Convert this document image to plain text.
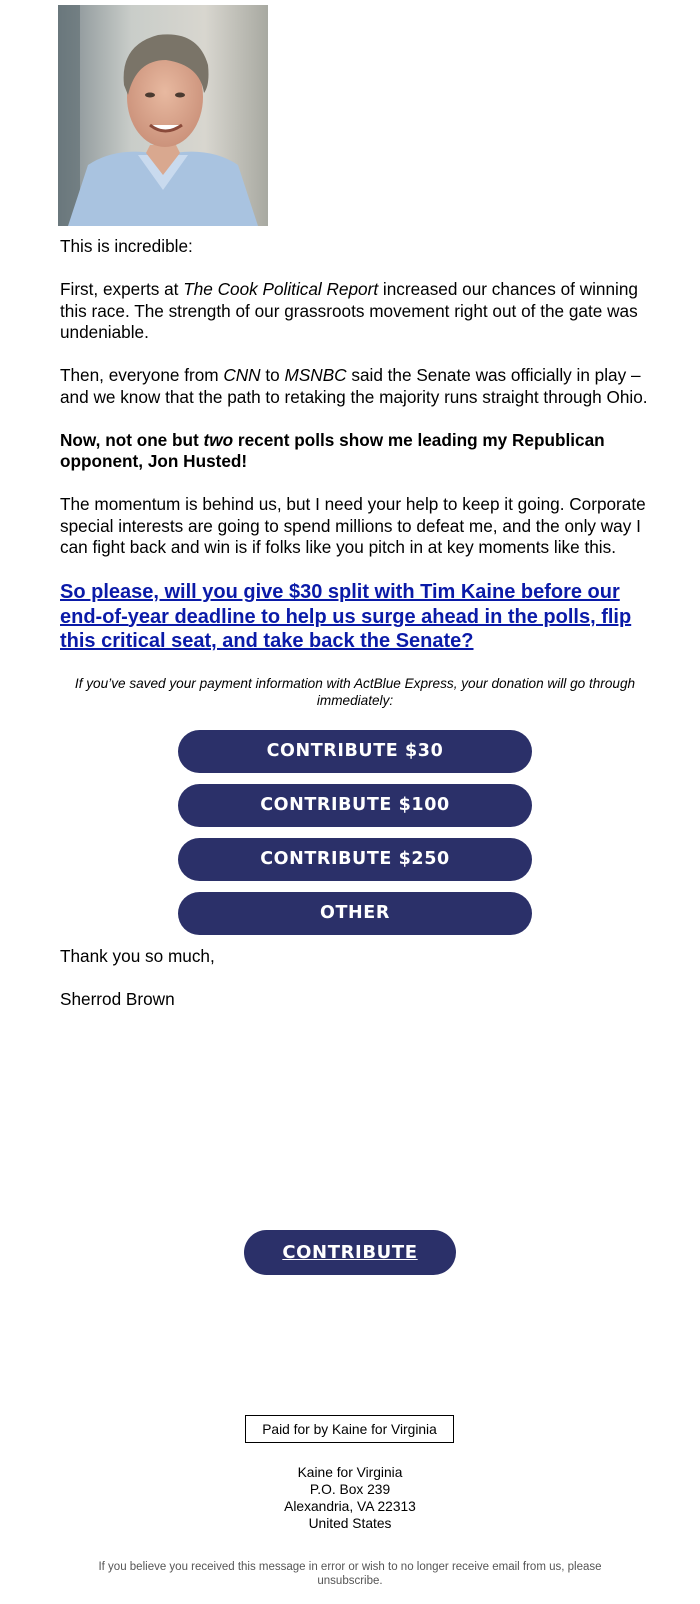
This is incredible:

First, experts at The Cook Political Report increased our chances of winning this race. The strength of our grassroots movement right out of the gate was undeniable.

Then, everyone from CNN to MSNBC said the Senate was officially in play – and we know that the path to retaking the majority runs straight through Ohio.

Now, not one but two recent polls show me leading my Republican opponent, Jon Husted!

The momentum is behind us, but I need your help to keep it going. Corporate special interests are going to spend millions to defeat me, and the only way I can fight back and win is if folks like you pitch in at key moments like this.

So please, will you give $30 split with Tim Kaine before our end-of-year deadline to help us surge ahead in the polls, flip this critical seat, and take back the Senate?

If you’ve saved your payment information with ActBlue Express, your donation will go through immediately:

CONTRIBUTE $30
CONTRIBUTE $100
CONTRIBUTE $250
OTHER

Thank you so much,

Sherrod Brown

CONTRIBUTE
Paid for by Kaine for Virginia
Kaine for Virginia
P.O. Box 239
Alexandria, VA 22313
United States
If you believe you received this message in error or wish to no longer receive email from us, please unsubscribe.
